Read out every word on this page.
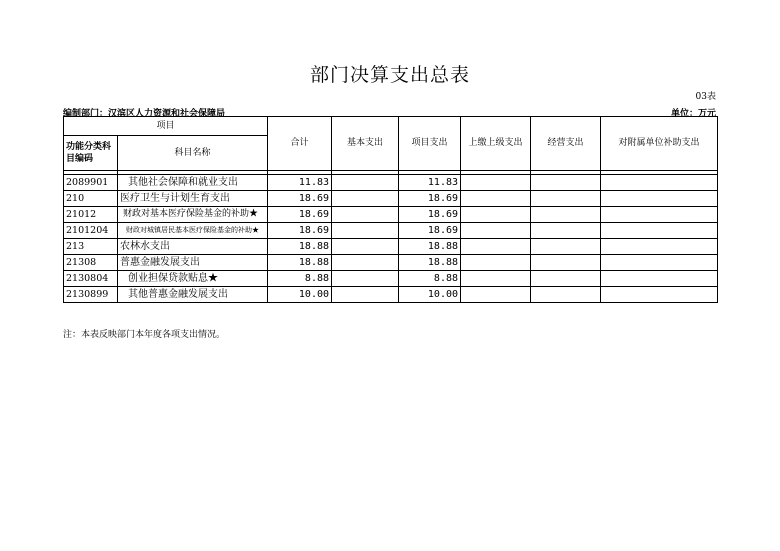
部门决算支出总表
03表
编制部门：汉滨区人力资源和社会保障局	单位：万元
项目		合计	基本支出	项目支出	上缴上级支出	经营支出	对附属单位补助支出
功能分类科目编码	科目名称						

2089901	其他社会保障和就业支出	11.83		11.83			
210	医疗卫生与计划生育支出	18.69		18.69			
21012	财政对基本医疗保险基金的补助★	18.69		18.69			
2101204	财政对城镇居民基本医疗保险基金的补助★	18.69		18.69			
213	农林水支出	18.88		18.88			
21308	普惠金融发展支出	18.88		18.88			
2130804	创业担保贷款贴息★	8.88		8.88			
2130899	其他普惠金融发展支出	10.00		10.00			
注：本表反映部门本年度各项支出情况。
